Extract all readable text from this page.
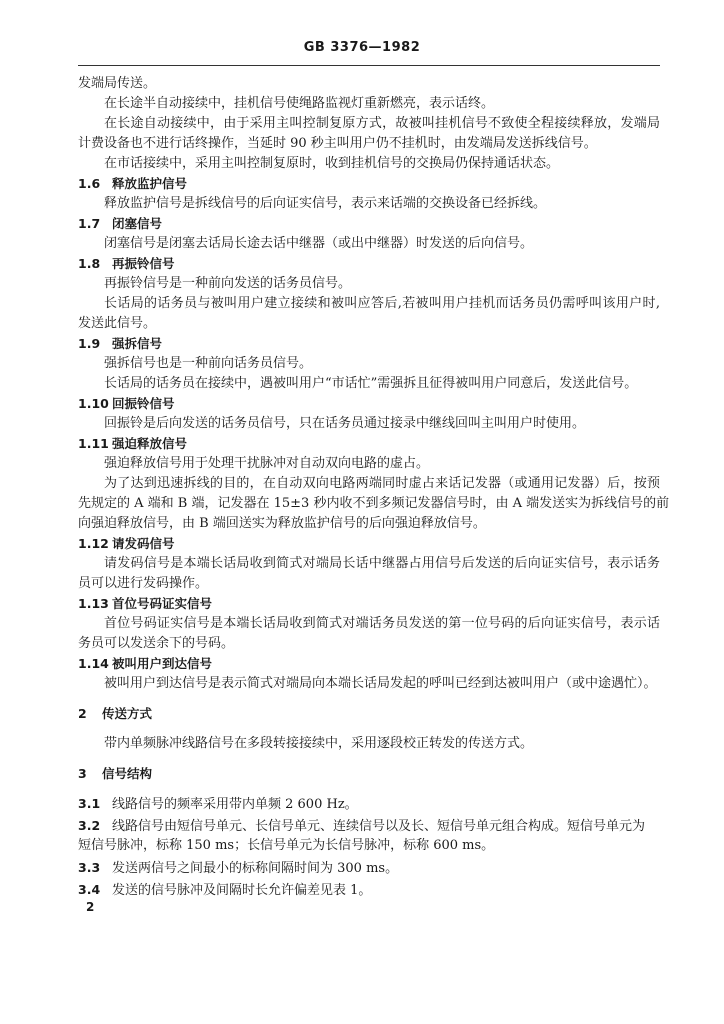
GB 3376—1982
发端局传送。
在长途半自动接续中，挂机信号使绳路监视灯重新燃亮，表示话终。
在长途自动接续中，由于采用主叫控制复原方式，故被叫挂机信号不致使全程接续释放，发端局
计费设备也不进行话终操作，当延时 90 秒主叫用户仍不挂机时，由发端局发送拆线信号。
在市话接续中，采用主叫控制复原时，收到挂机信号的交换局仍保持通话状态。
1.6 释放监护信号
释放监护信号是拆线信号的后向证实信号，表示来话端的交换设备已经拆线。
1.7 闭塞信号
闭塞信号是闭塞去话局长途去话中继器（或出中继器）时发送的后向信号。
1.8 再振铃信号
再振铃信号是一种前向发送的话务员信号。
长话局的话务员与被叫用户建立接续和被叫应答后,若被叫用户挂机而话务员仍需呼叫该用户时,
发送此信号。
1.9 强拆信号
强拆信号也是一种前向话务员信号。
长话局的话务员在接续中，遇被叫用户“市话忙”需强拆且征得被叫用户同意后，发送此信号。
1.10 回振铃信号
回振铃是后向发送的话务员信号，只在话务员通过接录中继线回叫主叫用户时使用。
1.11 强迫释放信号
强迫释放信号用于处理干扰脉冲对自动双向电路的虚占。
为了达到迅速拆线的目的，在自动双向电路两端同时虚占来话记发器（或通用记发器）后，按预
先规定的 A 端和 B 端，记发器在 15±3 秒内收不到多频记发器信号时，由 A 端发送实为拆线信号的前
向强迫释放信号，由 B 端回送实为释放监护信号的后向强迫释放信号。
1.12 请发码信号
请发码信号是本端长话局收到简式对端局长话中继器占用信号后发送的后向证实信号，表示话务
员可以进行发码操作。
1.13 首位号码证实信号
首位号码证实信号是本端长话局收到简式对端话务员发送的第一位号码的后向证实信号，表示话
务员可以发送余下的号码。
1.14 被叫用户到达信号
被叫用户到达信号是表示简式对端局向本端长话局发起的呼叫已经到达被叫用户（或中途遇忙）。
2 传送方式
带内单频脉冲线路信号在多段转接接续中，采用逐段校正转发的传送方式。
3 信号结构
3.1 线路信号的频率采用带内单频 2 600 Hz。
3.2 线路信号由短信号单元、长信号单元、连续信号以及长、短信号单元组合构成。短信号单元为
短信号脉冲，标称 150 ms；长信号单元为长信号脉冲，标称 600 ms。
3.3 发送两信号之间最小的标称间隔时间为 300 ms。
3.4 发送的信号脉冲及间隔时长允许偏差见表 1。
2
